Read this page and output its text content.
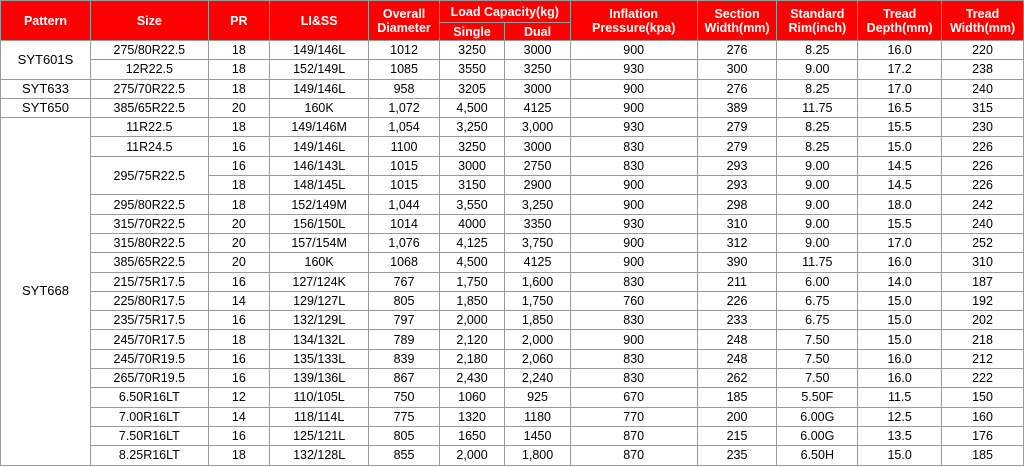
Pattern	Size	PR	LI&SS	Overall Diameter	Load Capacity(kg)		Inflation Pressure(kpa)	Section Width(mm)	Standard Rim(inch)	Tread Depth(mm)	Tread Width(mm)
					Single	Dual					
SYT601S	275/80R22.5	18	149/146L	1012	3250	3000	900	276	8.25	16.0	220
	12R22.5	18	152/149L	1085	3550	3250	930	300	9.00	17.2	238
SYT633	275/70R22.5	18	149/146L	958	3205	3000	900	276	8.25	17.0	240
SYT650	385/65R22.5	20	160K	1,072	4,500	4125	900	389	11.75	16.5	315
SYT668	11R22.5	18	149/146M	1,054	3,250	3,000	930	279	8.25	15.5	230
	11R24.5	16	149/146L	1100	3250	3000	830	279	8.25	15.0	226
	295/75R22.5	16	146/143L	1015	3000	2750	830	293	9.00	14.5	226
		18	148/145L	1015	3150	2900	900	293	9.00	14.5	226
	295/80R22.5	18	152/149M	1,044	3,550	3,250	900	298	9.00	18.0	242
	315/70R22.5	20	156/150L	1014	4000	3350	930	310	9.00	15.5	240
	315/80R22.5	20	157/154M	1,076	4,125	3,750	900	312	9.00	17.0	252
	385/65R22.5	20	160K	1068	4,500	4125	900	390	11.75	16.0	310
	215/75R17.5	16	127/124K	767	1,750	1,600	830	211	6.00	14.0	187
	225/80R17.5	14	129/127L	805	1,850	1,750	760	226	6.75	15.0	192
	235/75R17.5	16	132/129L	797	2,000	1,850	830	233	6.75	15.0	202
	245/70R17.5	18	134/132L	789	2,120	2,000	900	248	7.50	15.0	218
	245/70R19.5	16	135/133L	839	2,180	2,060	830	248	7.50	16.0	212
	265/70R19.5	16	139/136L	867	2,430	2,240	830	262	7.50	16.0	222
	6.50R16LT	12	110/105L	750	1060	925	670	185	5.50F	11.5	150
	7.00R16LT	14	118/114L	775	1320	1180	770	200	6.00G	12.5	160
	7.50R16LT	16	125/121L	805	1650	1450	870	215	6.00G	13.5	176
	8.25R16LT	18	132/128L	855	2,000	1,800	870	235	6.50H	15.0	185
